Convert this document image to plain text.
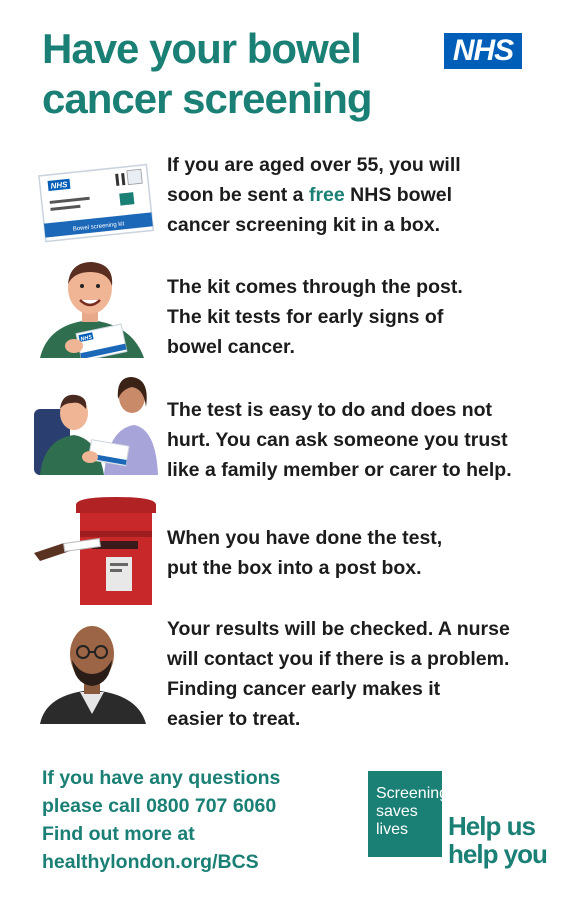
Have your bowel
cancer screening
NHS
NHS
Bowel screening kit
If you are aged over 55, you will
soon be sent a free NHS bowel
cancer screening kit in a box.
NHS
The kit comes through the post.
The kit tests for early signs of
bowel cancer.
The test is easy to do and does not
hurt. You can ask someone you trust
like a family member or carer to help.
When you have done the test,
put the box into a post box.
Your results will be checked. A nurse
will contact you if there is a problem.
Finding cancer early makes it
easier to treat.
If you have any questions
please call 0800 707 6060
Find out more at
healthylondon.org/BCS
Screening
saves
lives	Help us
help you
